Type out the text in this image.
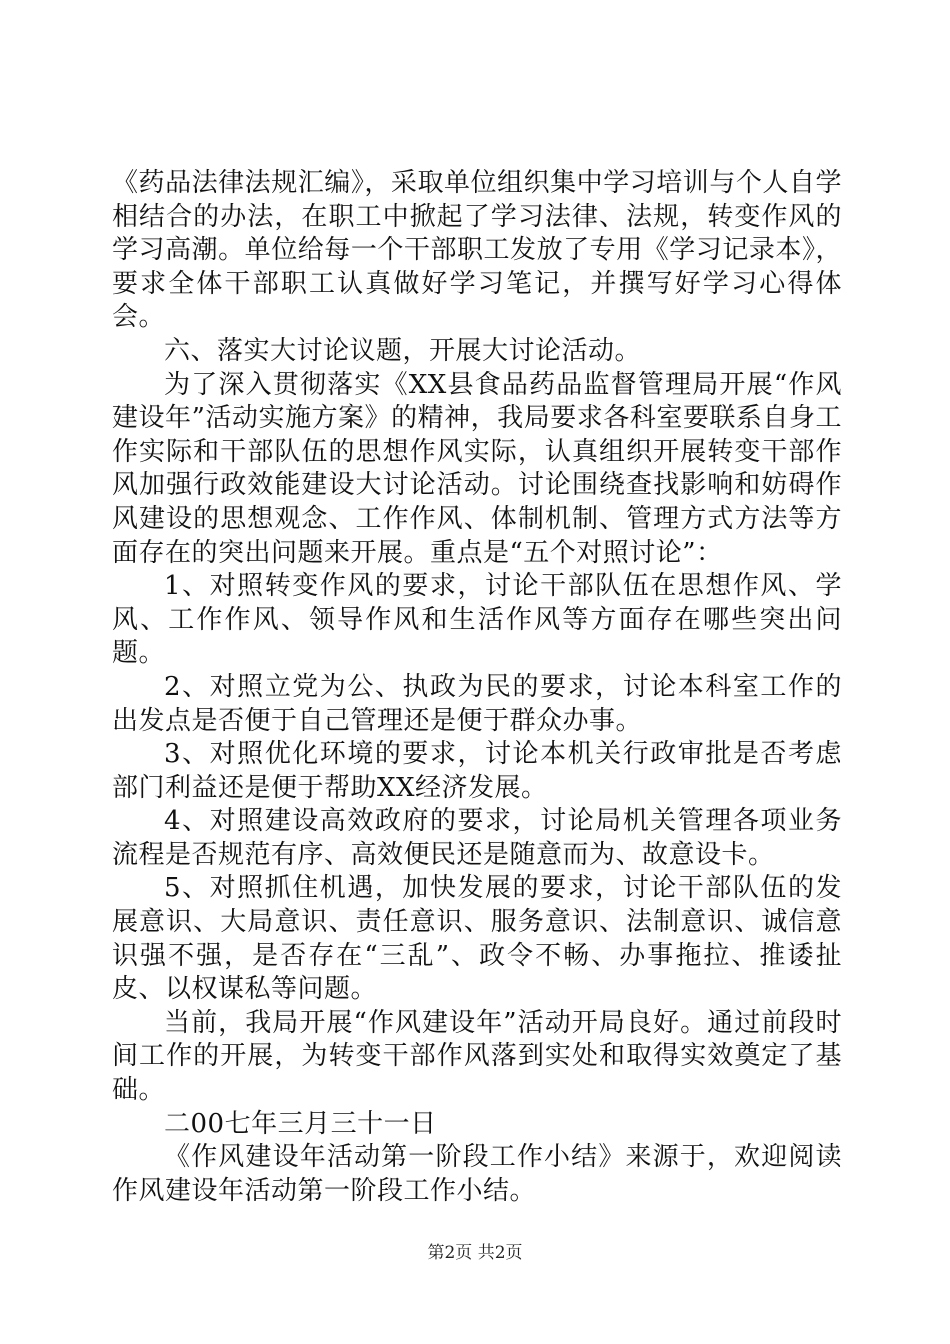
《药品法律法规汇编》，采取单位组织集中学习培训与个人自学相结合的办法，在职工中掀起了学习法律、法规，转变作风的学习高潮。单位给每一个干部职工发放了专用《学习记录本》，要求全体干部职工认真做好学习笔记，并撰写好学习心得体会。

六、落实大讨论议题，开展大讨论活动。

为了深入贯彻落实《XX县食品药品监督管理局开展“作风建设年”活动实施方案》的精神，我局要求各科室要联系自身工作实际和干部队伍的思想作风实际，认真组织开展转变干部作风加强行政效能建设大讨论活动。讨论围绕查找影响和妨碍作风建设的思想观念、工作作风、体制机制、管理方式方法等方面存在的突出问题来开展。重点是“五个对照讨论”：

1、对照转变作风的要求，讨论干部队伍在思想作风、学风、工作作风、领导作风和生活作风等方面存在哪些突出问题。

2、对照立党为公、执政为民的要求，讨论本科室工作的出发点是否便于自己管理还是便于群众办事。

3、对照优化环境的要求，讨论本机关行政审批是否考虑部门利益还是便于帮助XX经济发展。

4、对照建设高效政府的要求，讨论局机关管理各项业务流程是否规范有序、高效便民还是随意而为、故意设卡。

5、对照抓住机遇，加快发展的要求，讨论干部队伍的发展意识、大局意识、责任意识、服务意识、法制意识、诚信意识强不强，是否存在“三乱”、政令不畅、办事拖拉、推诿扯皮、以权谋私等问题。

当前，我局开展“作风建设年”活动开局良好。通过前段时间工作的开展，为转变干部作风落到实处和取得实效奠定了基础。

二00七年三月三十一日

《作风建设年活动第一阶段工作小结》来源于，欢迎阅读作风建设年活动第一阶段工作小结。

第2页 共2页
